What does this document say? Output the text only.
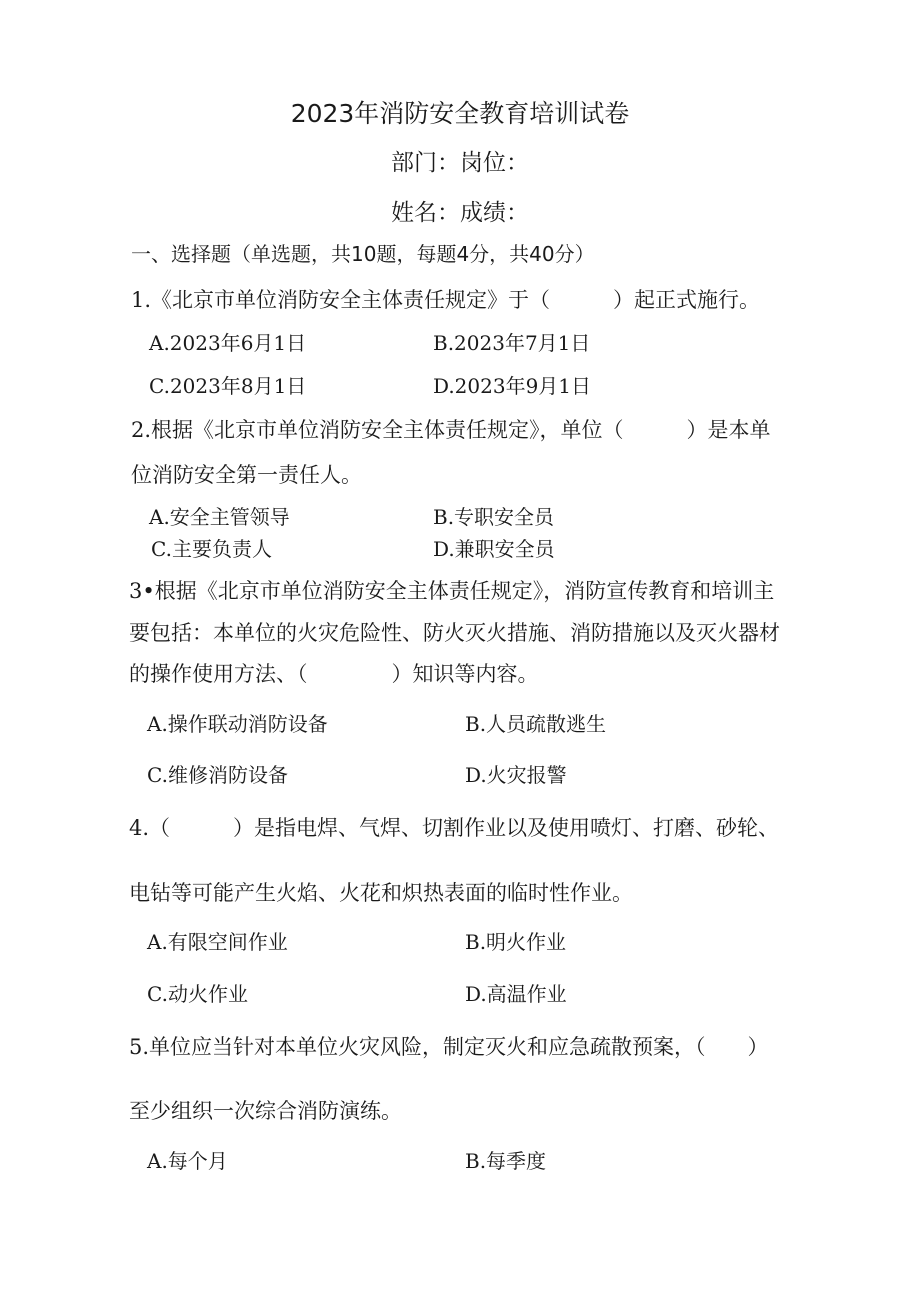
2023年消防安全教育培训试卷
部门：岗位：
姓名：成绩：
一、选择题（单选题，共10题，每题4分，共40分）
1.《北京市单位消防安全主体责任规定》于（　　　）起正式施行。
A.2023年6月1日	B.2023年7月1日
C.2023年8月1日	D.2023年9月1日
2.根据《北京市单位消防安全主体责任规定》，单位（　　　）是本单
位消防安全第一责任人。
A.安全主管领导	B.专职安全员
C.主要负责人	D.兼职安全员
3•根据《北京市单位消防安全主体责任规定》，消防宣传教育和培训主
要包括：本单位的火灾危险性、防火灭火措施、消防措施以及灭火器材
的操作使用方法、（　　　　）知识等内容。
A.操作联动消防设备	B.人员疏散逃生
C.维修消防设备	D.火灾报警
4.（　　　）是指电焊、气焊、切割作业以及使用喷灯、打磨、砂轮、
电钻等可能产生火焰、火花和炽热表面的临时性作业。
A.有限空间作业	B.明火作业
C.动火作业	D.高温作业
5.单位应当针对本单位火灾风险，制定灭火和应急疏散预案，（　　）
至少组织一次综合消防演练。
A.每个月	B.每季度
